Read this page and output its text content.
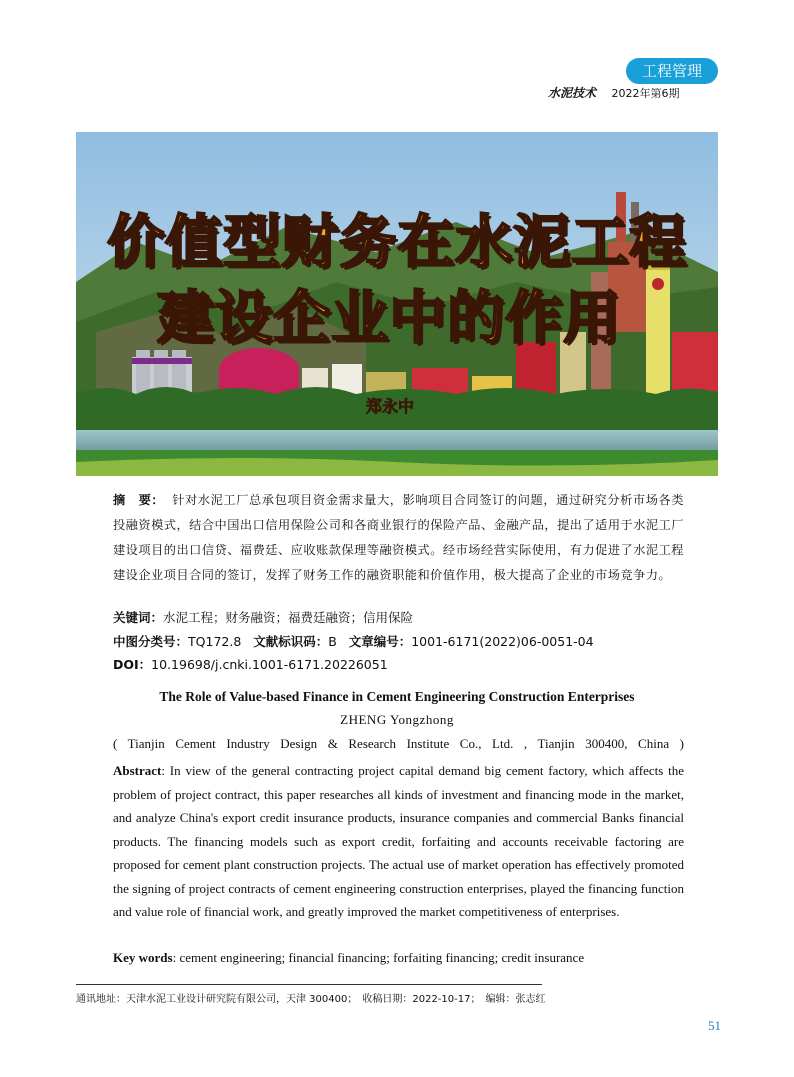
工程管理
水泥技术 2022年第6期
价值型财务在水泥工程
建设企业中的作用
郑永中
摘　要： 针对水泥工厂总承包项目资金需求量大，影响项目合同签订的问题，通过研究分析市场各类投融资模式，结合中国出口信用保险公司和各商业银行的保险产品、金融产品，提出了适用于水泥工厂建设项目的出口信贷、福费廷、应收账款保理等融资模式。经市场经营实际使用，有力促进了水泥工程建设企业项目合同的签订，发挥了财务工作的融资职能和价值作用，极大提高了企业的市场竞争力。
关键词：水泥工程；财务融资；福费廷融资；信用保险
中图分类号：TQ172.8 文献标识码：B 文章编号：1001-6171(2022)06-0051-04
DOI：10.19698/j.cnki.1001-6171.20226051
The Role of Value-based Finance in Cement Engineering Construction Enterprises
ZHENG Yongzhong
( Tianjin Cement Industry Design & Research Institute Co., Ltd. , Tianjin 300400, China )
Abstract: In view of the general contracting project capital demand big cement factory, which affects the problem of project contract, this paper researches all kinds of investment and financing mode in the market, and analyze China's export credit insurance products, insurance companies and commercial Banks financial products. The financing models such as export credit, forfaiting and accounts receivable factoring are proposed for cement plant construction projects. The actual use of market operation has effectively promoted the signing of project contracts of cement engineering construction enterprises, played the financing function and value role of financial work, and greatly improved the market competitiveness of enterprises.
Key words: cement engineering; financial financing; forfaiting financing; credit insurance
通讯地址：天津水泥工业设计研究院有限公司，天津 300400；　收稿日期：2022-10-17；　编辑：张志红
51
